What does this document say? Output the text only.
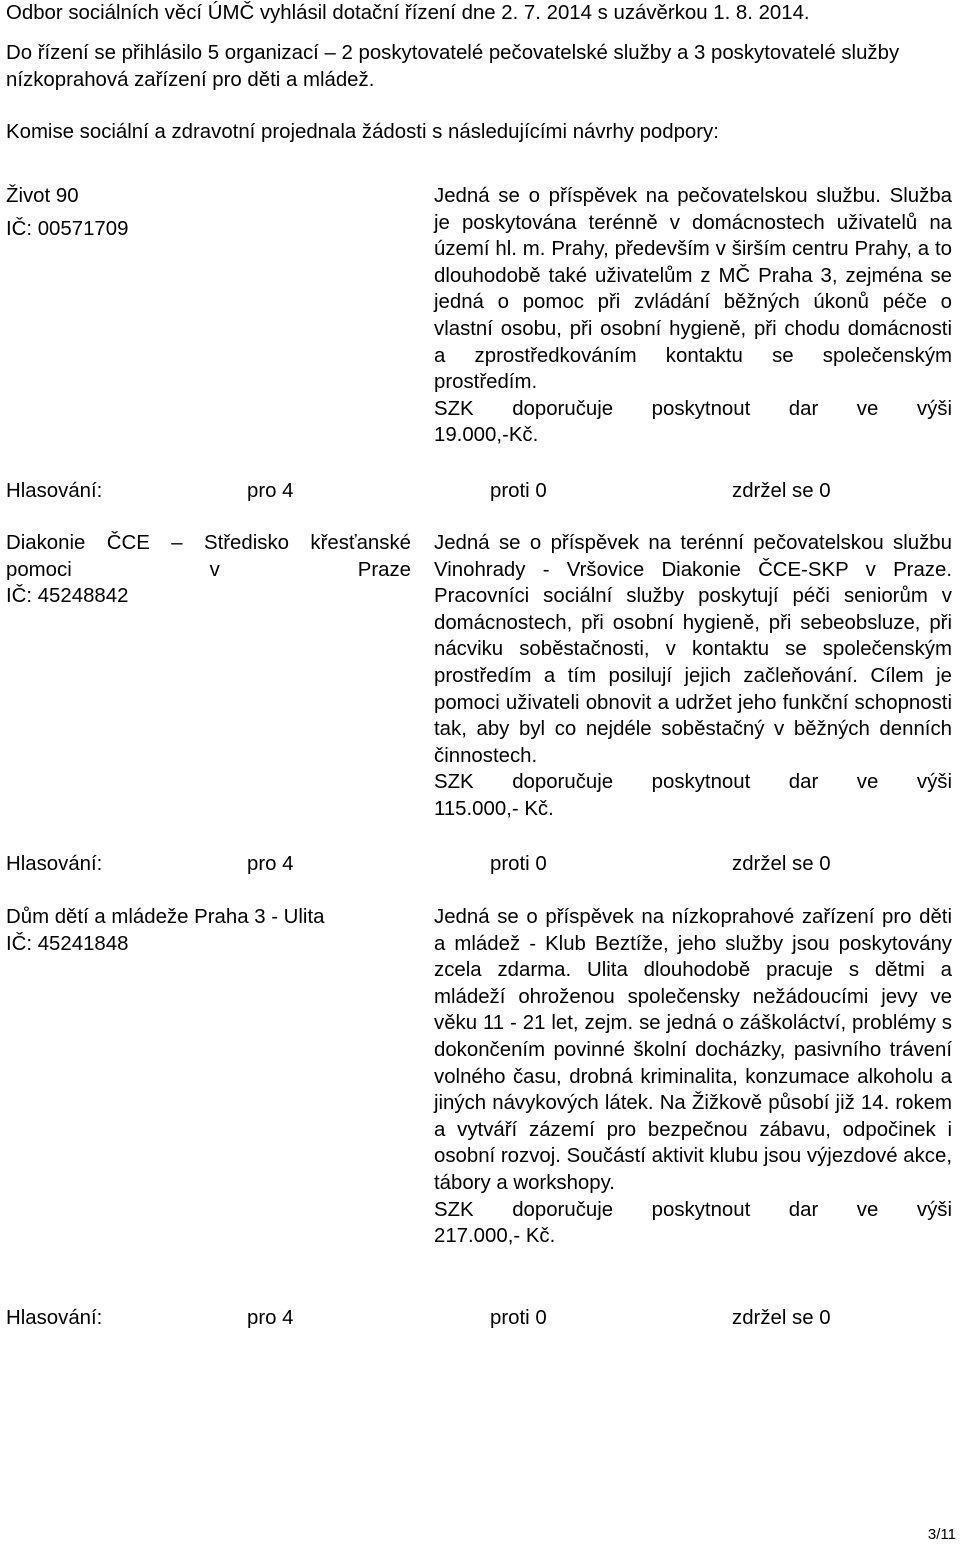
Odbor sociálních věcí ÚMČ vyhlásil dotační řízení dne 2. 7. 2014 s uzávěrkou 1. 8. 2014.
Do řízení se přihlásilo 5 organizací – 2 poskytovatelé pečovatelské služby a 3 poskytovatelé služby nízkoprahová zařízení pro děti a mládež.
Komise sociální a zdravotní projednala žádosti s následujícími návrhy podpory:
Život 90
IČ: 00571709
Jedná se o příspěvek na pečovatelskou službu. Služba je poskytována terénně v domácnostech uživatelů na území hl. m. Prahy, především v širším centru Prahy, a to dlouhodobě také uživatelům z MČ Praha 3, zejména se jedná o pomoc při zvládání běžných úkonů péče o vlastní osobu, při osobní hygieně, při chodu domácnosti a zprostředkováním kontaktu se společenským prostředím.
SZK doporučuje poskytnout dar ve výši
19.000,-Kč.
Hlasování:	pro 4	proti 0	zdržel se 0
Diakonie ČCE – Středisko křesťanské pomoci v Praze
IČ: 45248842
Jedná se o příspěvek na terénní pečovatelskou službu Vinohrady - Vršovice Diakonie ČCE-SKP v Praze. Pracovníci sociální služby poskytují péči seniorům v domácnostech, při osobní hygieně, při sebeobsluze, při nácviku soběstačnosti, v kontaktu se společenským prostředím a tím posilují jejich začleňování. Cílem je pomoci uživateli obnovit a udržet jeho funkční schopnosti tak, aby byl co nejdéle soběstačný v běžných denních činnostech.
SZK doporučuje poskytnout dar ve výši
115.000,- Kč.
Hlasování:	pro 4	proti 0	zdržel se 0
Dům dětí a mládeže Praha 3 - Ulita
IČ: 45241848
Jedná se o příspěvek na nízkoprahové zařízení pro děti a mládež - Klub Beztíže, jeho služby jsou poskytovány zcela zdarma. Ulita dlouhodobě pracuje s dětmi a mládeží ohroženou společensky nežádoucími jevy ve věku 11 - 21 let, zejm. se jedná o záškoláctví, problémy s dokončením povinné školní docházky, pasivního trávení volného času, drobná kriminalita, konzumace alkoholu a jiných návykových látek. Na Žižkově působí již 14. rokem a vytváří zázemí pro bezpečnou zábavu, odpočinek i osobní rozvoj. Součástí aktivit klubu jsou výjezdové akce, tábory a workshopy.
SZK doporučuje poskytnout dar ve výši
217.000,- Kč.
Hlasování:	pro 4	proti 0	zdržel se 0
3/11
